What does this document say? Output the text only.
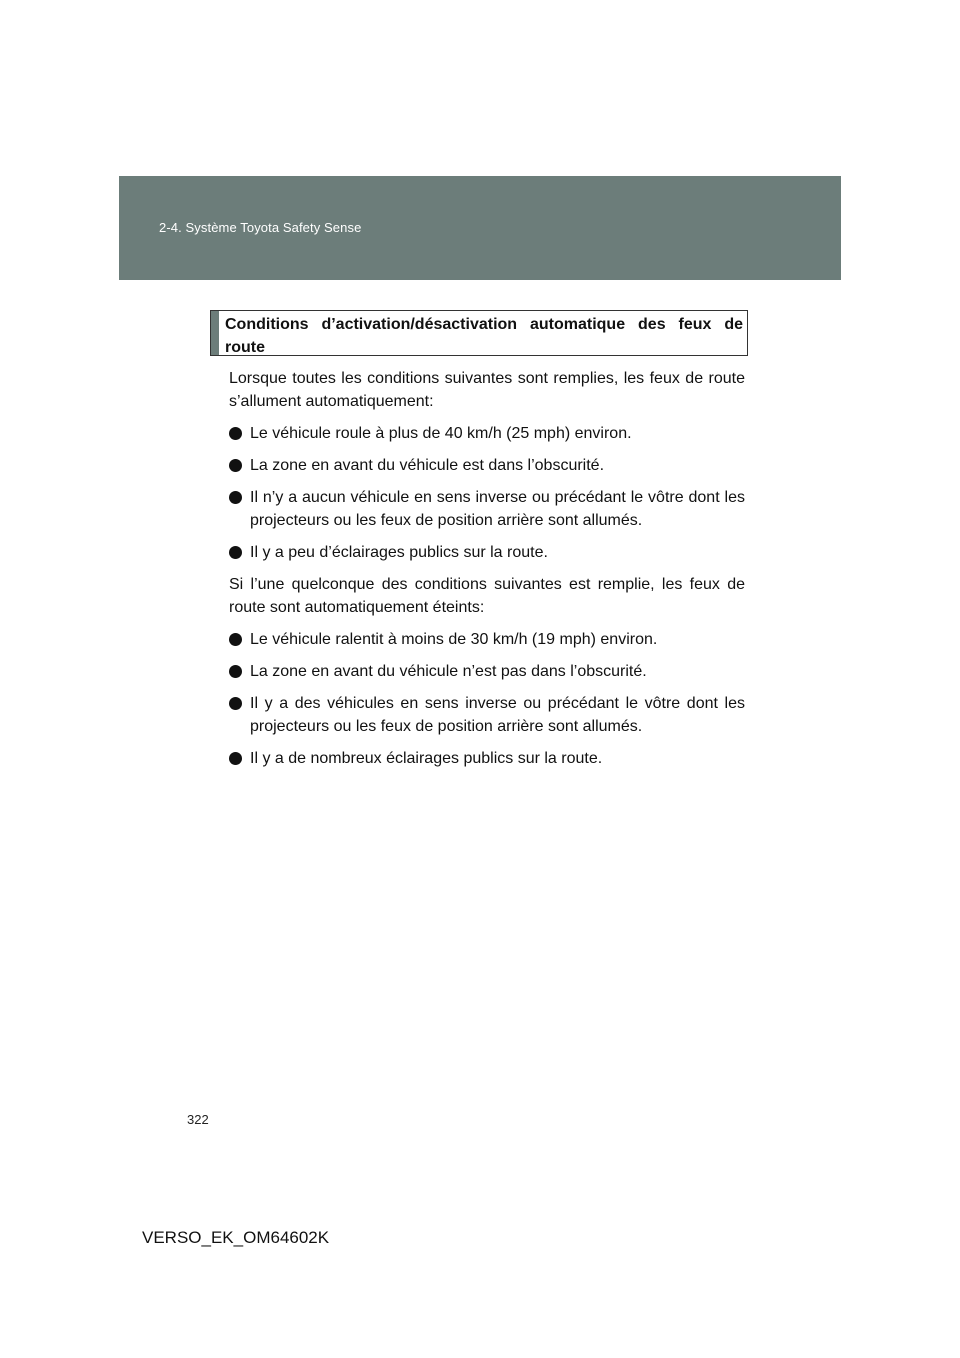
2-4. Système Toyota Safety Sense
Conditions d’activation/désactivation automatique des feux de route

Lorsque toutes les conditions suivantes sont remplies, les feux de route s’allument automatiquement:

Le véhicule roule à plus de 40 km/h (25 mph) environ.
La zone en avant du véhicule est dans l’obscurité.
Il n’y a aucun véhicule en sens inverse ou précédant le vôtre dont les projecteurs ou les feux de position arrière sont allumés.
Il y a peu d’éclairages publics sur la route.

Si l’une quelconque des conditions suivantes est remplie, les feux de route sont automatiquement éteints:

Le véhicule ralentit à moins de 30 km/h (19 mph) environ.
La zone en avant du véhicule n’est pas dans l’obscurité.
Il y a des véhicules en sens inverse ou précédant le vôtre dont les projecteurs ou les feux de position arrière sont allumés.
Il y a de nombreux éclairages publics sur la route.
322
VERSO_EK_OM64602K
